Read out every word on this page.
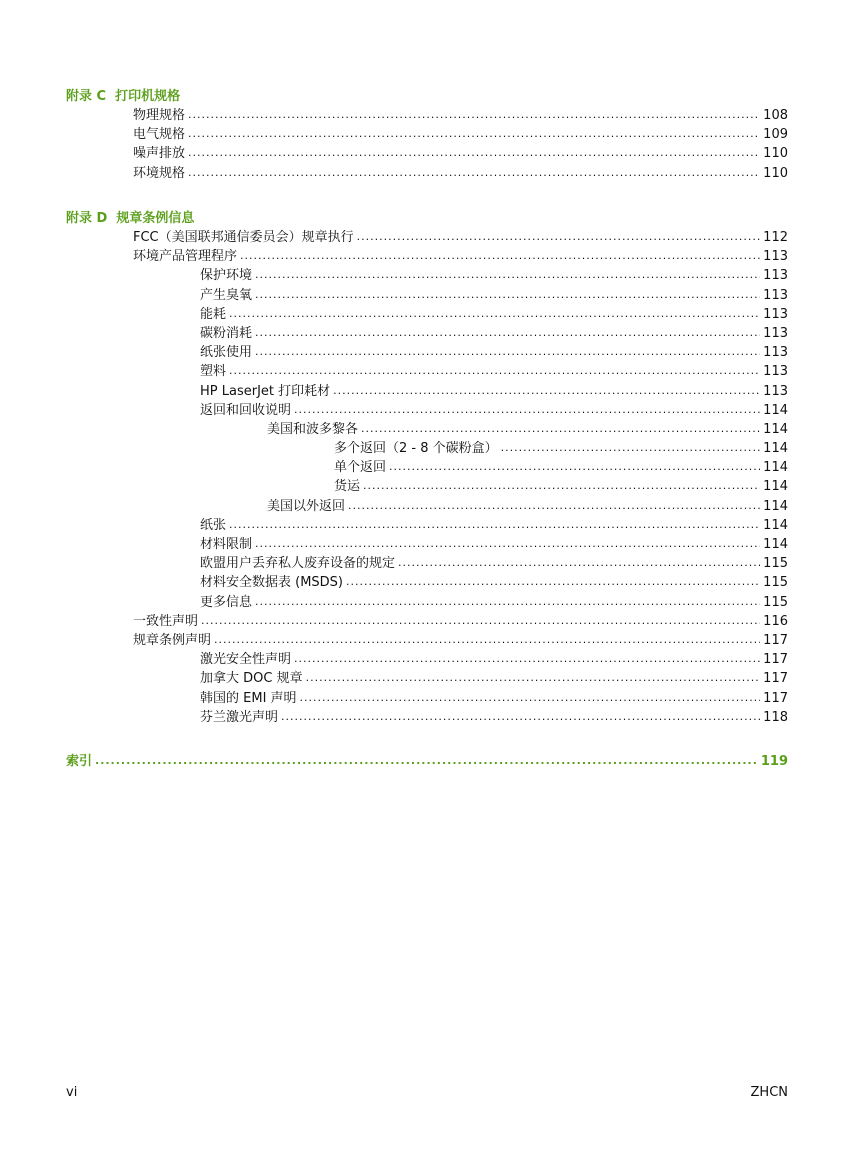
附录 C 打印机规格
物理规格 .....	108
电气规格 .....	109
噪声排放 .....	110
环境规格 .....	110
附录 D 规章条例信息
FCC（美国联邦通信委员会）规章执行 .....	112
环境产品管理程序 .....	113
保护环境 .....	113
产生臭氧 .....	113
能耗 .....	113
碳粉消耗 .....	113
纸张使用 .....	113
塑料 .....	113
HP LaserJet 打印耗材 .....	113
返回和回收说明 .....	114
美国和波多黎各 .....	114
多个返回（2 - 8 个碳粉盒） .....	114
单个返回 .....	114
货运 .....	114
美国以外返回 .....	114
纸张 .....	114
材料限制 .....	114
欧盟用户丢弃私人废弃设备的规定 .....	115
材料安全数据表 (MSDS) .....	115
更多信息 .....	115
一致性声明 .....	116
规章条例声明 .....	117
激光安全性声明 .....	117
加拿大 DOC 规章 .....	117
韩国的 EMI 声明 .....	117
芬兰激光声明 .....	118
索引 .....	119
vi	ZHCN
